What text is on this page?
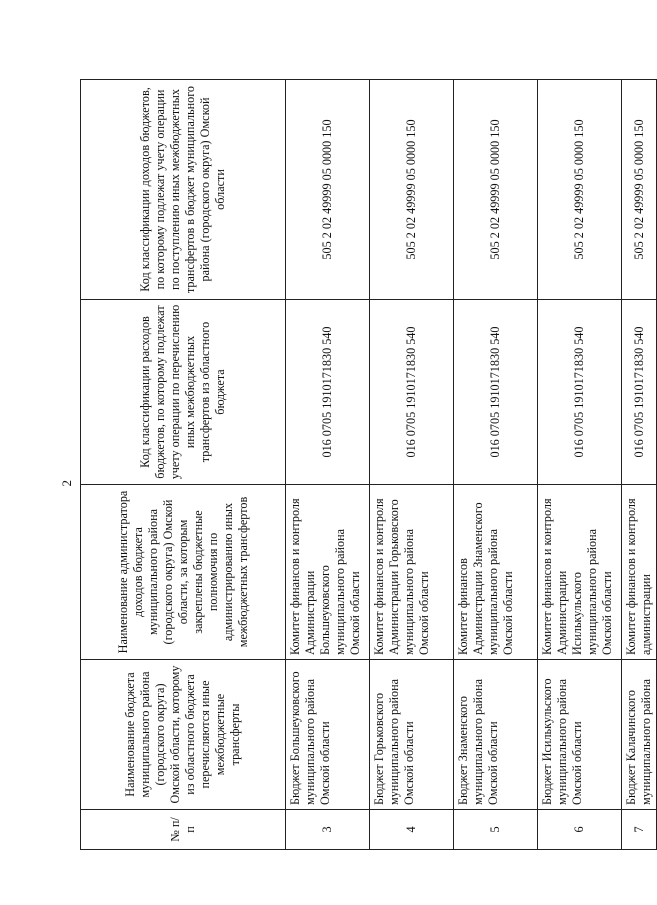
2
№ п/п	Наименование бюджета муниципального района (городского округа) Омской области, которому из областного бюджета перечисляются иные межбюджетные трансферты	Наименование администратора доходов бюджета муниципального района (городского округа) Омской области, за которым закреплены бюджетные полномочия по администрированию иных межбюджетных трансфертов	Код классификации расходов бюджетов, по которому подлежат учету операции по перечислению иных межбюджетных трансфертов из областного бюджета	Код классификации доходов бюджетов, по которому подлежат учету операции по поступлению иных межбюджетных трансфертов в бюджет муниципального района (городского округа) Омской области
3	Бюджет Большеуковского муниципального района Омской области	Комитет финансов и контроля Администрации Большеуковского муниципального района Омской области	016 0705 1910171830 540	505 2 02 49999 05 0000 150
4	Бюджет Горьковского муниципального района Омской области	Комитет финансов и контроля Администрации Горьковского муниципального района Омской области	016 0705 1910171830 540	505 2 02 49999 05 0000 150
5	Бюджет Знаменского муниципального района Омской области	Комитет финансов Администрации Знаменского муниципального района Омской области	016 0705 1910171830 540	505 2 02 49999 05 0000 150
6	Бюджет Исилькульского муниципального района Омской области	Комитет финансов и контроля Администрации Исилькульского муниципального района Омской области	016 0705 1910171830 540	505 2 02 49999 05 0000 150
7	Бюджет Калачинского муниципального района	Комитет финансов и контроля администрации	016 0705 1910171830 540	505 2 02 49999 05 0000 150
